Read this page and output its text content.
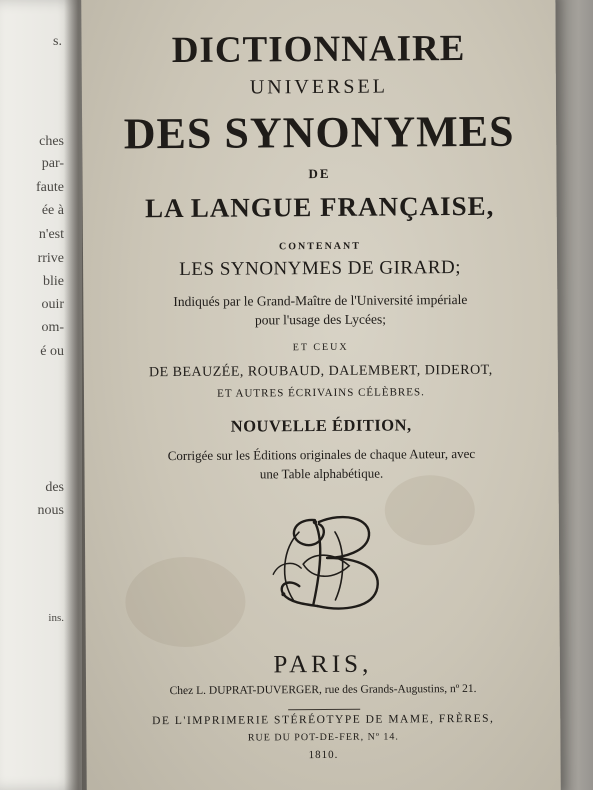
s.
ches
par-
faute
ée à
n'est
rrive
blie
ouir
om-
é ou
des
nous
ins.
DICTIONNAIRE
UNIVERSEL
DES SYNONYMES
DE
LA LANGUE FRANÇAISE,
CONTENANT
LES SYNONYMES DE GIRARD;
Indiqués par le Grand-Maître de l'Université impériale
pour l'usage des Lycées;
ET CEUX
DE BEAUZÉE, ROUBAUD, DALEMBERT, DIDEROT,
ET AUTRES ÉCRIVAINS CÉLÈBRES.
NOUVELLE ÉDITION,
Corrigée sur les Éditions originales de chaque Auteur, avec
une Table alphabétique.
PARIS,
Chez L. DUPRAT-DUVERGER, rue des Grands-Augustins, nº 21.
DE L'IMPRIMERIE STÉRÉOTYPE DE MAME, FRÈRES,
RUE DU POT-DE-FER, Nº 14.
1810.
